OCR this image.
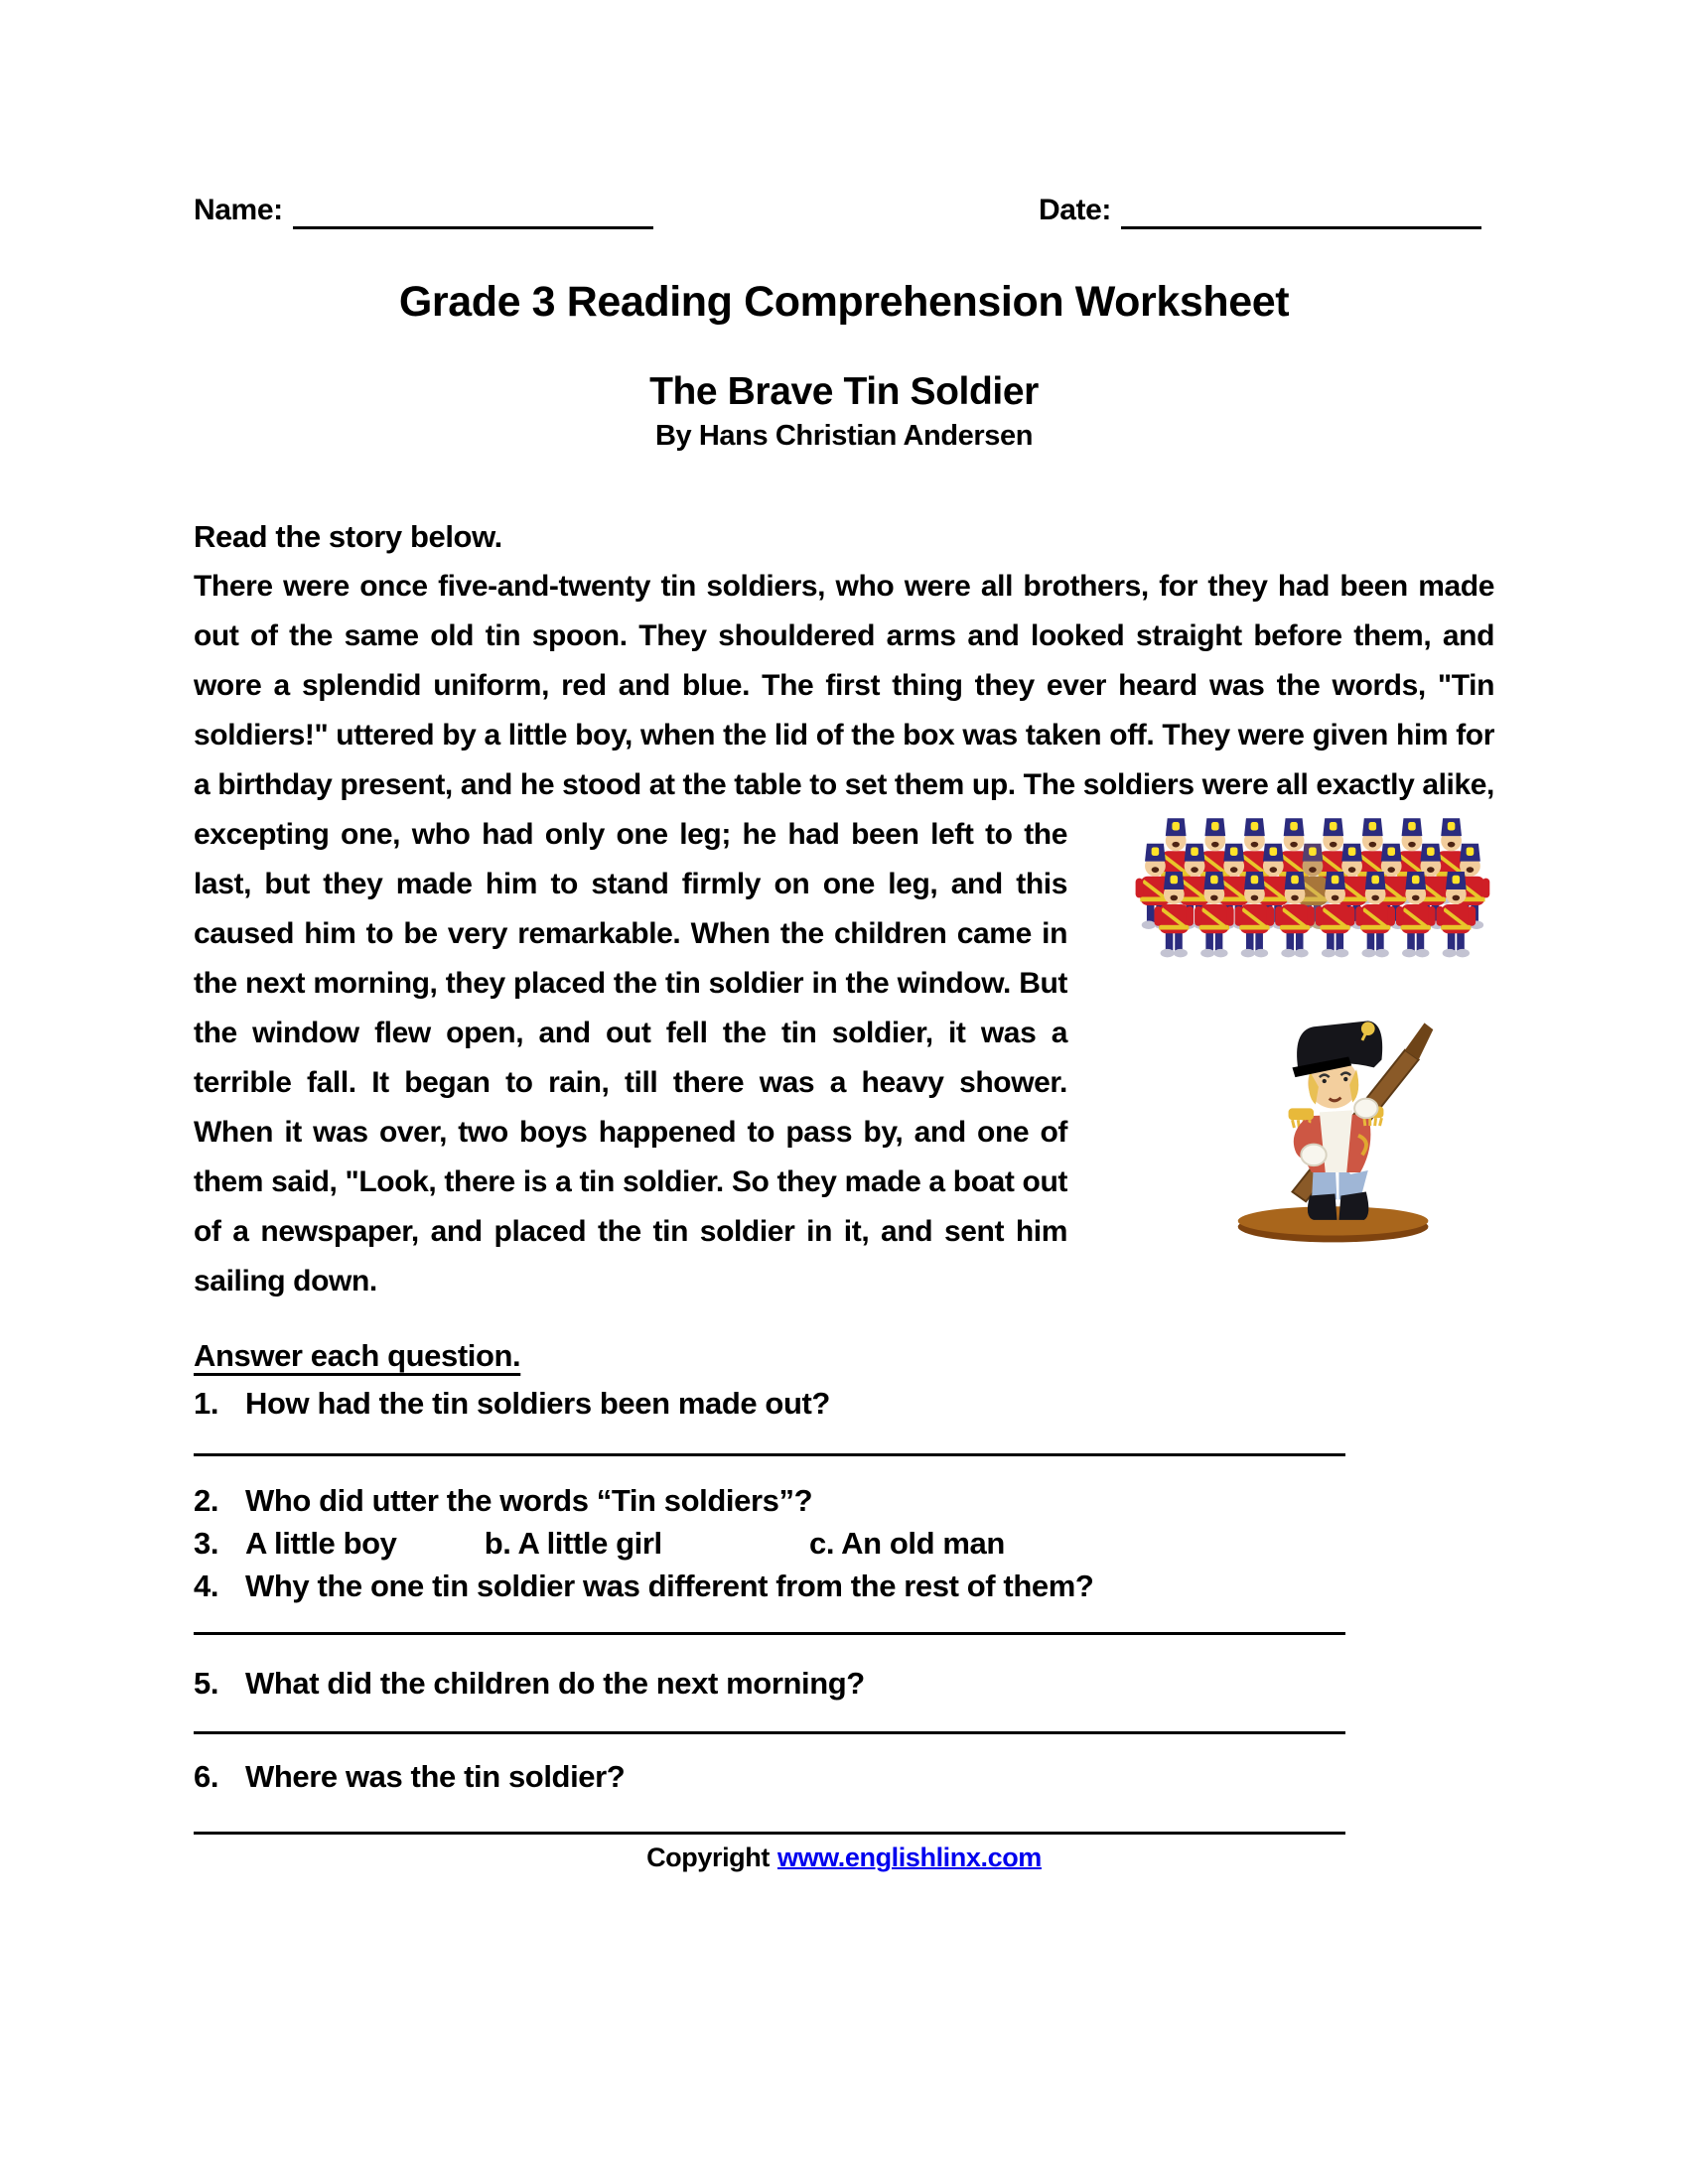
Name:	Date:
Grade 3 Reading Comprehension Worksheet
The Brave Tin Soldier
By Hans Christian Andersen
Read the story below.

There were once five-and-twenty tin soldiers, who were all brothers, for they had been made out of the same old tin spoon. They shouldered arms and looked straight before them, and wore a splendid uniform, red and blue. The first thing they ever heard was the words, "Tin soldiers!" uttered by a little boy, when the lid of the box was taken off. They were given him for a birthday present, and he stood at the table to set them up. The soldiers were all exactly alike, excepting one, who had only one leg; he had been left to the last, but they made him to stand firmly on one leg, and this caused him to be very remarkable. When the children came in the next morning, they placed the tin soldier in the window. But the window flew open, and out fell the tin soldier, it was a terrible fall. It began to rain, till there was a heavy shower. When it was over, two boys happened to pass by, and one of them said, "Look, there is a tin soldier. So they made a boat out of a newspaper, and placed the tin soldier in it, and sent him sailing down.

Answer each question.
1. How had the tin soldiers been made out?
2. Who did utter the words “Tin soldiers”?
3. A little boy	b. A little girl	c. An old man
4. Why the one tin soldier was different from the rest of them?
5. What did the children do the next morning?
6. Where was the tin soldier?
Copyright www.englishlinx.com
